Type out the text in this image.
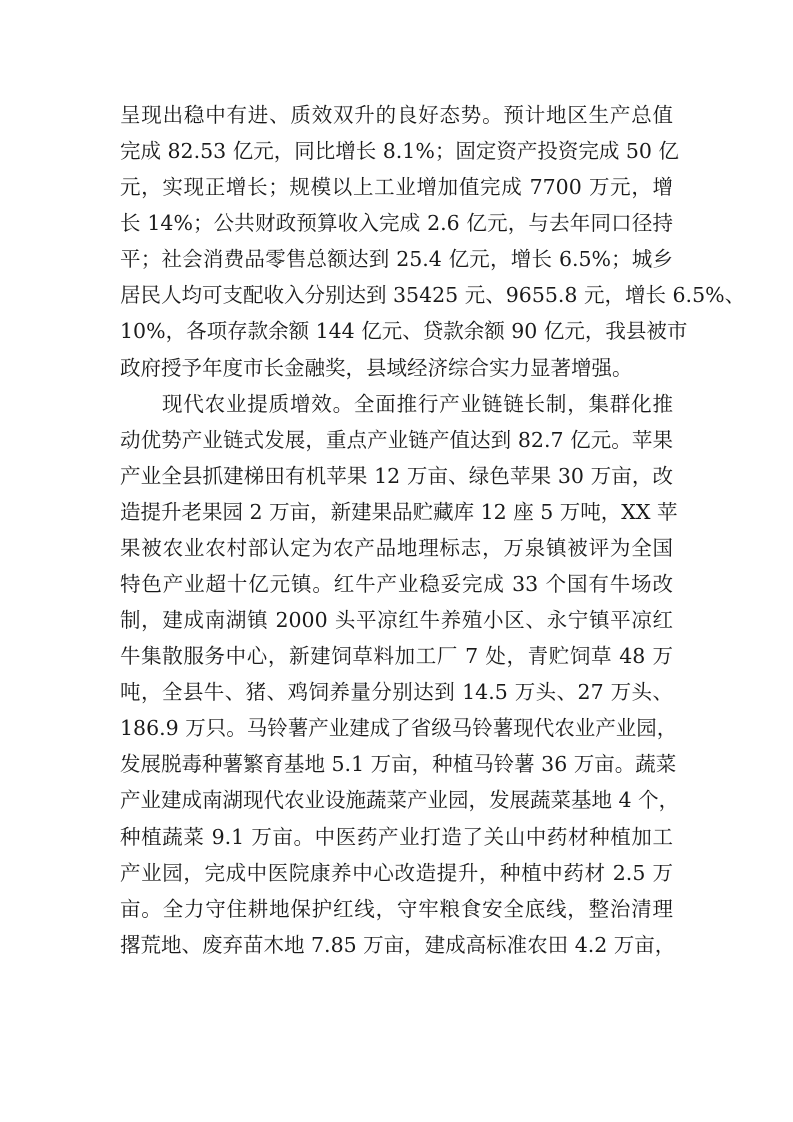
呈现出稳中有进、质效双升的良好态势。预计地区生产总值
完成 82.53 亿元，同比增长 8.1%；固定资产投资完成 50 亿
元，实现正增长；规模以上工业增加值完成 7700 万元，增
长 14%；公共财政预算收入完成 2.6 亿元，与去年同口径持
平；社会消费品零售总额达到 25.4 亿元，增长 6.5%；城乡
居民人均可支配收入分别达到 35425 元、9655.8 元，增长 6.5%、
10%，各项存款余额 144 亿元、贷款余额 90 亿元，我县被市
政府授予年度市长金融奖，县域经济综合实力显著增强。
现代农业提质增效。全面推行产业链链长制，集群化推
动优势产业链式发展，重点产业链产值达到 82.7 亿元。苹果
产业全县抓建梯田有机苹果 12 万亩、绿色苹果 30 万亩，改
造提升老果园 2 万亩，新建果品贮藏库 12 座 5 万吨，XX 苹
果被农业农村部认定为农产品地理标志，万泉镇被评为全国
特色产业超十亿元镇。红牛产业稳妥完成 33 个国有牛场改
制，建成南湖镇 2000 头平凉红牛养殖小区、永宁镇平凉红
牛集散服务中心，新建饲草料加工厂 7 处，青贮饲草 48 万
吨，全县牛、猪、鸡饲养量分别达到 14.5 万头、27 万头、
186.9 万只。马铃薯产业建成了省级马铃薯现代农业产业园，
发展脱毒种薯繁育基地 5.1 万亩，种植马铃薯 36 万亩。蔬菜
产业建成南湖现代农业设施蔬菜产业园，发展蔬菜基地 4 个，
种植蔬菜 9.1 万亩。中医药产业打造了关山中药材种植加工
产业园，完成中医院康养中心改造提升，种植中药材 2.5 万
亩。全力守住耕地保护红线，守牢粮食安全底线，整治清理
撂荒地、废弃苗木地 7.85 万亩，建成高标准农田 4.2 万亩，
